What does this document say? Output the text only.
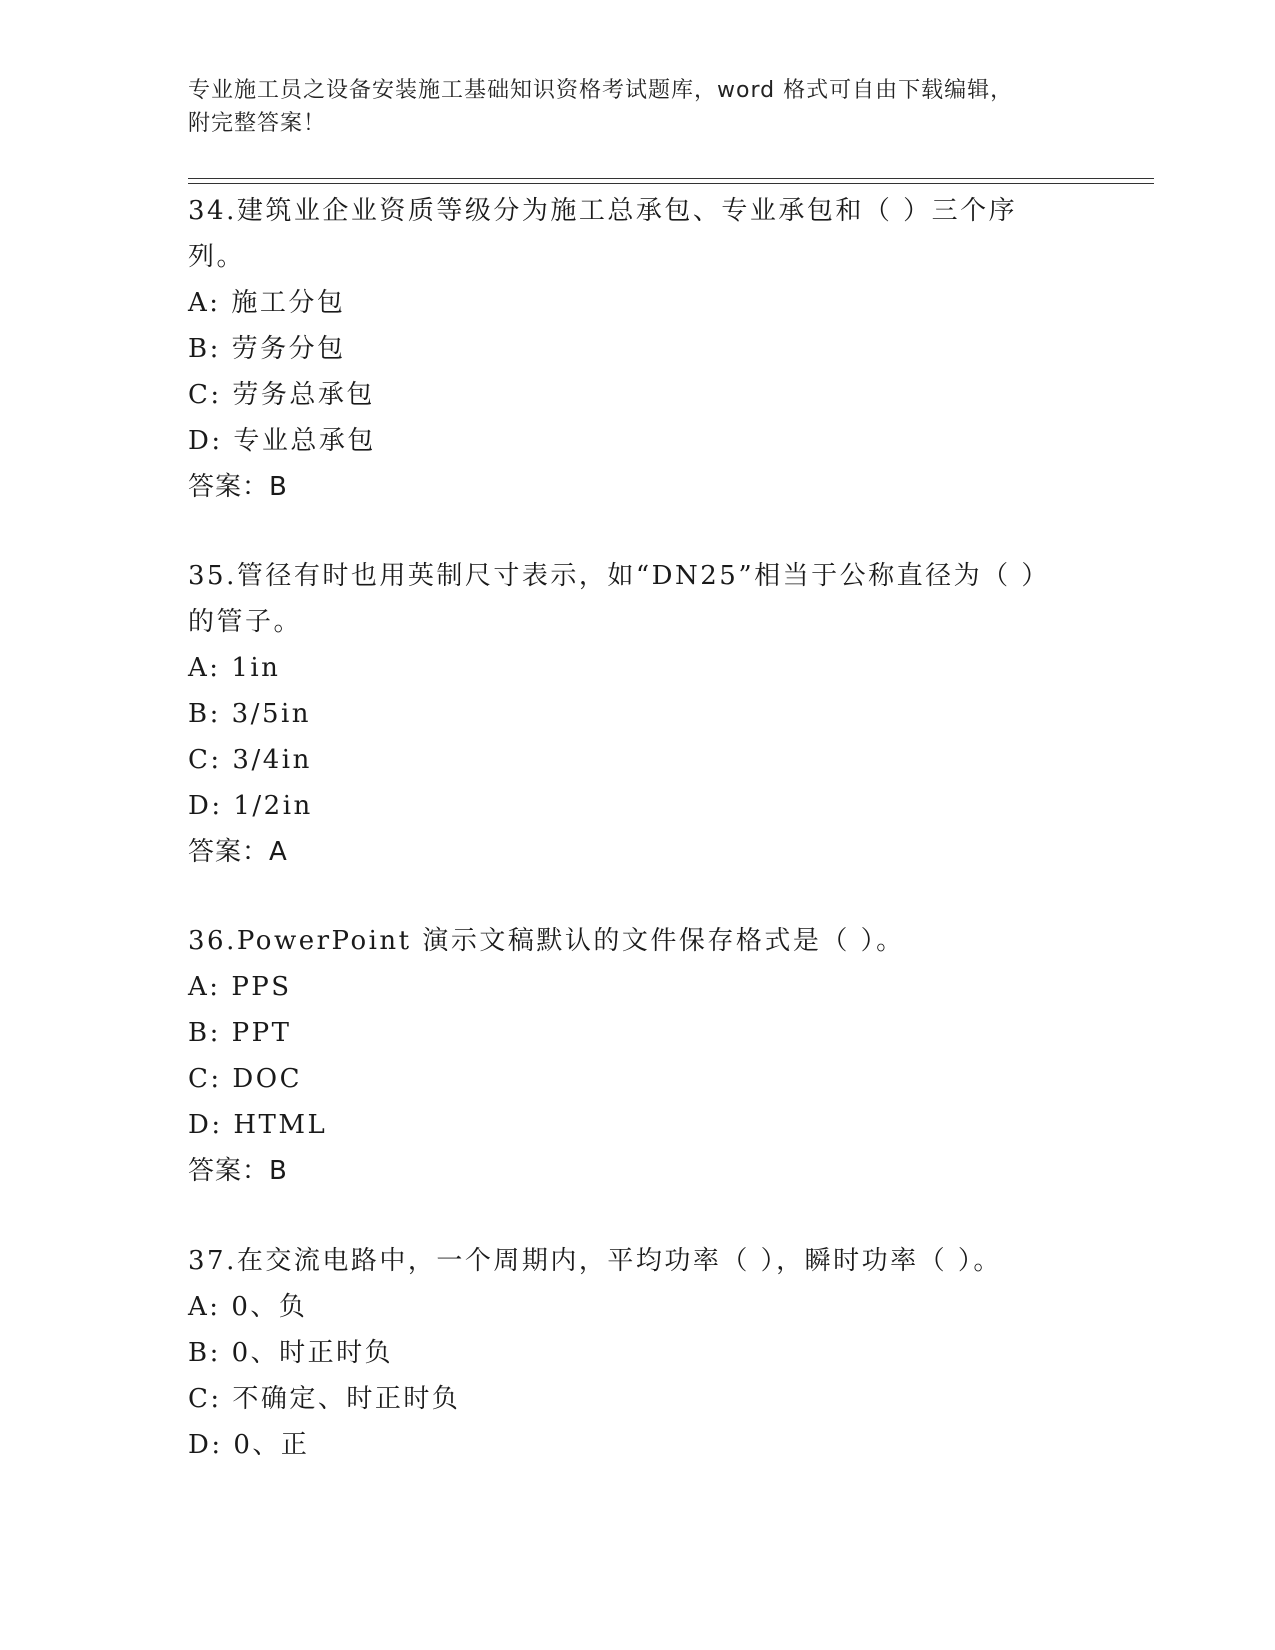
专业施工员之设备安装施工基础知识资格考试题库，word 格式可自由下载编辑，
附完整答案！

34.建筑业企业资质等级分为施工总承包、专业承包和（ ）三个序列。

A: 施工分包

B: 劳务分包

C: 劳务总承包

D: 专业总承包

答案：B

35.管径有时也用英制尺寸表示，如“DN25”相当于公称直径为（ ）的管子。

A: 1in

B: 3/5in

C: 3/4in

D: 1/2in

答案：A

36.PowerPoint 演示文稿默认的文件保存格式是（ ）。

A: PPS

B: PPT

C: DOC

D: HTML

答案：B

37.在交流电路中，一个周期内，平均功率（ ），瞬时功率（ ）。

A: 0、负

B: 0、时正时负

C: 不确定、时正时负

D: 0、正
